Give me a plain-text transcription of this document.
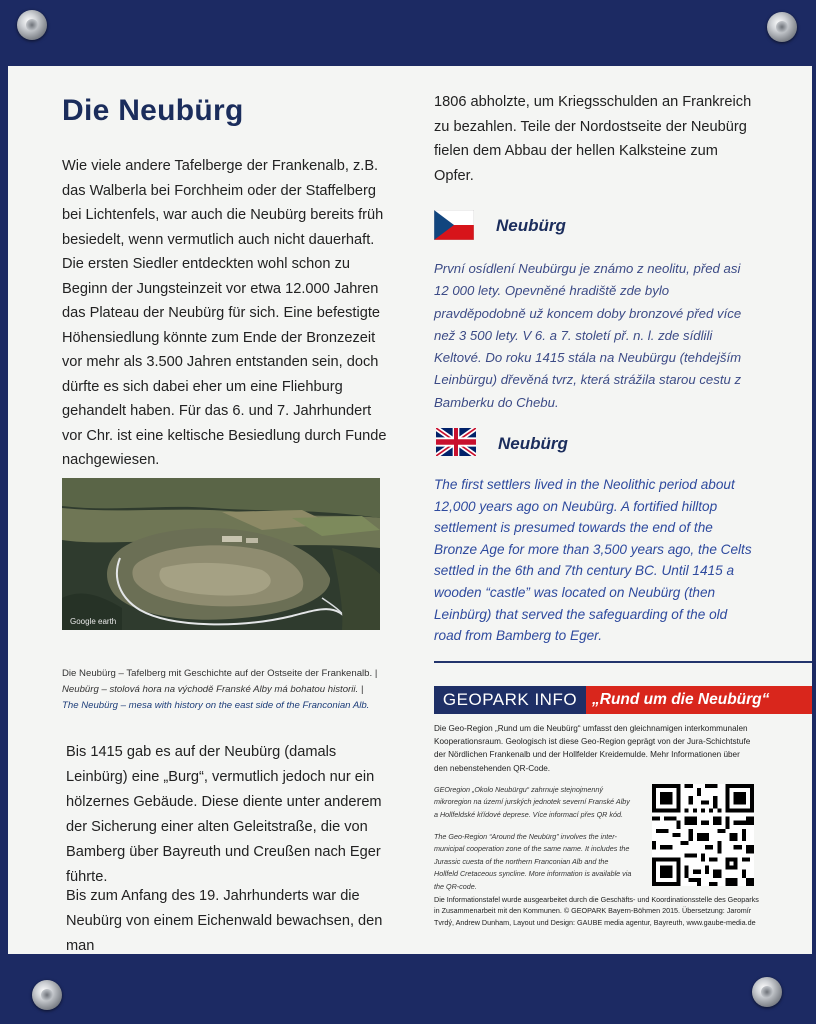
Die Neubürg

Wie viele andere Tafelberge der Frankenalb, z.B. das Walberla bei Forchheim oder der Staffelberg bei Lichtenfels, war auch die Neubürg bereits früh besiedelt, wenn vermutlich auch nicht dauerhaft. Die ersten Siedler entdeckten wohl schon zu Beginn der Jungsteinzeit vor etwa 12.000 Jahren das Plateau der Neubürg für sich. Eine befestigte Höhensiedlung könnte zum Ende der Bronzezeit vor mehr als 3.500 Jahren entstanden sein, doch dürfte es sich dabei eher um eine Fliehburg gehandelt haben. Für das 6. und 7. Jahrhundert vor Chr. ist eine keltische Besiedlung durch Funde nachgewiesen.

Google earth

Die Neubürg – Tafelberg mit Geschichte auf der Ostseite der Frankenalb. |
Neubürg – stolová hora na východě Franské Alby má bohatou historii. |
The Neubürg – mesa with history on the east side of the Franconian Alb.

Bis 1415 gab es auf der Neubürg (damals Leinbürg) eine „Burg“, vermutlich jedoch nur ein hölzernes Gebäude. Diese diente unter anderem der Sicherung einer alten Geleitstraße, die von Bamberg über Bayreuth und Creußen nach Eger führte.

Bis zum Anfang des 19. Jahrhunderts war die Neubürg von einem Eichenwald bewachsen, den man

1806 abholzte, um Kriegsschulden an Frankreich zu bezahlen. Teile der Nordostseite der Neubürg fielen dem Abbau der hellen Kalksteine zum Opfer.

Neubürg

První osídlení Neubürgu je známo z neolitu, před asi 12 000 lety. Opevněné hradiště zde bylo pravděpodobně už koncem doby bronzové před více než 3 500 lety. V 6. a 7. století př. n. l. zde sídlili Keltové. Do roku 1415 stála na Neubürgu (tehdejším Leinbürgu) dřevěná tvrz, která strážila starou cestu z Bamberku do Chebu.

Neubürg

The first settlers lived in the Neolithic period about 12,000 years ago on Neubürg. A fortified hilltop settlement is presumed towards the end of the Bronze Age for more than 3,500 years ago, the Celts settled in the 6th and 7th century BC. Until 1415 a wooden “castle” was located on Neubürg (then Leinbürg) that served the safeguarding of the old road from Bamberg to Eger.

GEOPARK INFO „Rund um die Neubürg“

Die Geo-Region „Rund um die Neubürg“ umfasst den gleichnamigen interkommunalen Kooperationsraum. Geologisch ist diese Geo-Region geprägt von der Jura-Schichtstufe der Nördlichen Frankenalb und der Hollfelder Kreidemulde. Mehr Informationen über den nebenstehenden QR-Code.

GEOregion „Okolo Neubürgu“ zahrnuje stejnojmenný mikroregion na území jurských jednotek severní Franské Alby a Hollfeldské křídové deprese. Více informací přes QR kód.

The Geo-Region “Around the Neubürg” involves the inter-municipal cooperation zone of the same name. It includes the Jurassic cuesta of the northern Franconian Alb and the Hollfeld Cretaceous syncline. More information is available via the QR-code.

Die Informationstafel wurde ausgearbeitet durch die Geschäfts- und Koordinationsstelle des Geoparks in Zusammenarbeit mit den Kommunen. © GEOPARK Bayern-Böhmen 2015. Übersetzung: Jaromír Tvrdý, Andrew Dunham, Layout und Design: GAUBE media agentur, Bayreuth, www.gaube-media.de
